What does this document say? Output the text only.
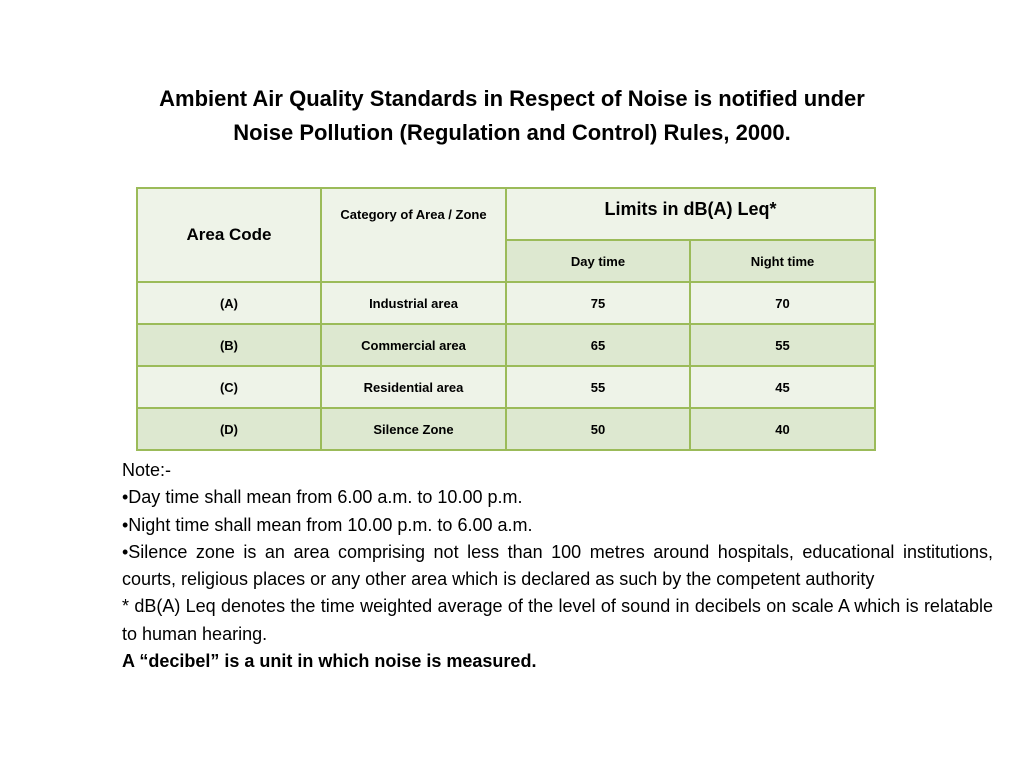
Ambient Air Quality Standards in Respect of Noise is notified under
Noise Pollution (Regulation and Control) Rules, 2000.
Area Code	Category of Area / Zone	Limits in dB(A) Leq*	
		Day time	Night time
(A)	Industrial area	75	70
(B)	Commercial area	65	55
(C)	Residential area	55	45
(D)	Silence Zone	50	40

Note:-

•Day time shall mean from 6.00 a.m. to 10.00 p.m.

•Night time shall mean from 10.00 p.m. to 6.00 a.m.

•Silence zone is an area comprising not less than 100 metres around hospitals, educational institutions, courts, religious places or any other area which is declared as such by the competent authority

* dB(A) Leq denotes the time weighted average of the level of sound in decibels on scale A which is relatable to human hearing.

A “decibel” is a unit in which noise is measured.
